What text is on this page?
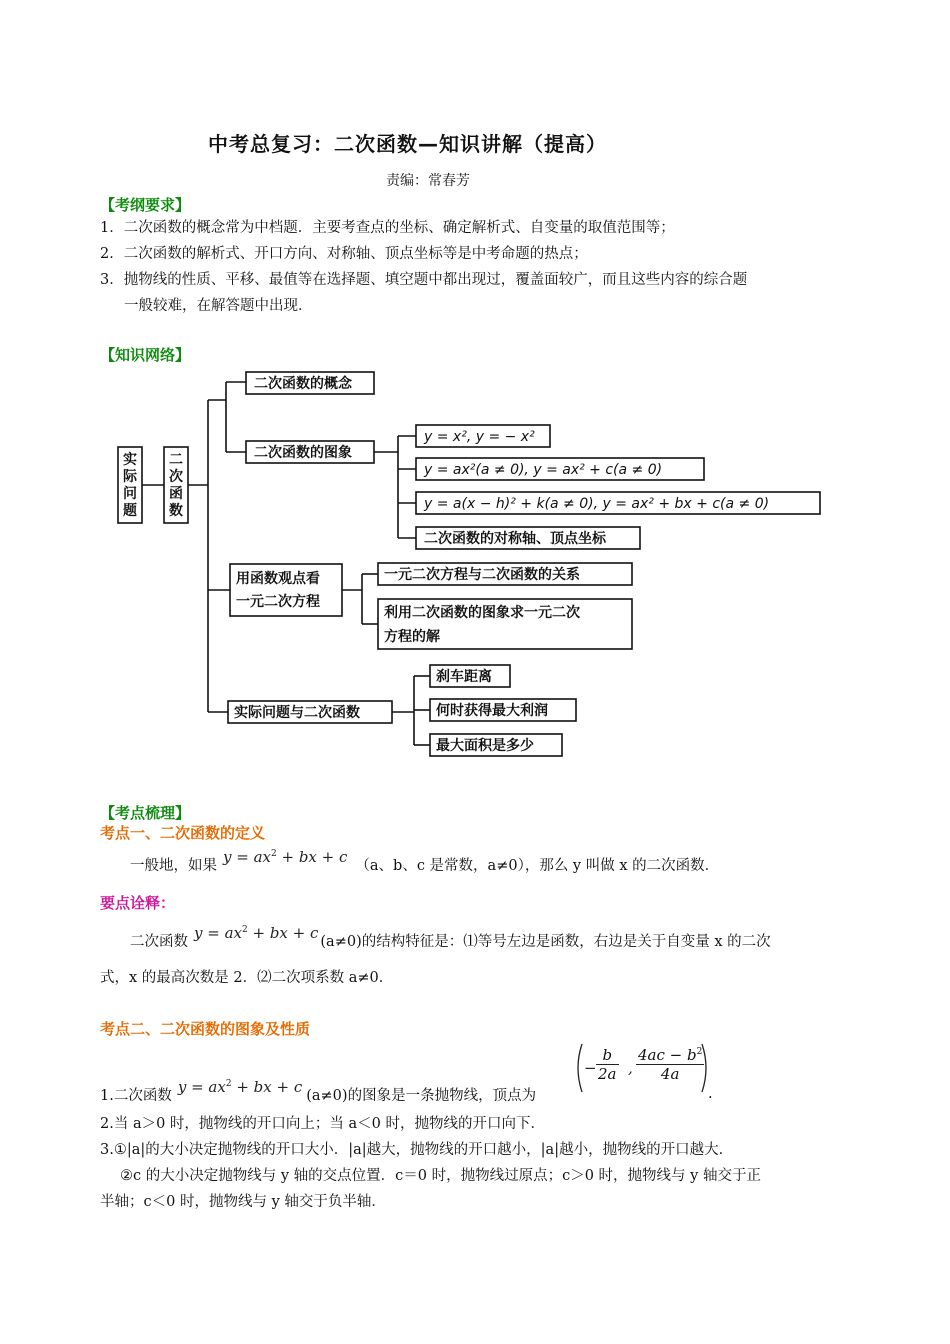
中考总复习：二次函数—知识讲解（提高）
责编：常春芳
【考纲要求】
1．二次函数的概念常为中档题．主要考查点的坐标、确定解析式、自变量的取值范围等；
2．二次函数的解析式、开口方向、对称轴、顶点坐标等是中考命题的热点；
3．抛物线的性质、平移、最值等在选择题、填空题中都出现过，覆盖面较广，而且这些内容的综合题
一般较难，在解答题中出现．
【知识网络】
实际问题
二次函数
二次函数的概念
二次函数的图象
y = x², y = − x²
y = ax²(a ≠ 0), y = ax² + c(a ≠ 0)
y = a(x − h)² + k(a ≠ 0), y = ax² + bx + c(a ≠ 0)
二次函数的对称轴、顶点坐标
用函数观点看
一元二次方程
一元二次方程与二次函数的关系
利用二次函数的图象求一元二次
方程的解
实际问题与二次函数
刹车距离
何时获得最大利润
最大面积是多少
【考点梳理】
考点一、二次函数的定义
一般地，如果 $y = ax^2$ + bx + c （a、b、c 是常数，a≠0），那么 y 叫做 x 的二次函数．
要点诠释：
二次函数 $y = ax^2$ + bx + c (a≠0)的结构特征是：⑴等号左边是函数，右边是关于自变量 x 的二次
式，x 的最高次数是 2．⑵二次项系数 a≠0．
考点二、二次函数的图象及性质
1.二次函数 $y = ax^2$ + bx + c (a≠0)的图象是一条抛物线，顶点为
− $\frac{b}{2a}$ , $\frac{4ac - b^2}{4a}$
.
2.当 a＞0 时，抛物线的开口向上；当 a＜0 时，抛物线的开口向下．
3.①|a|的大小决定抛物线的开口大小．|a|越大，抛物线的开口越小，|a|越小，抛物线的开口越大．
②c 的大小决定抛物线与 y 轴的交点位置．c＝0 时，抛物线过原点；c＞0 时，抛物线与 y 轴交于正
半轴；c＜0 时，抛物线与 y 轴交于负半轴．
